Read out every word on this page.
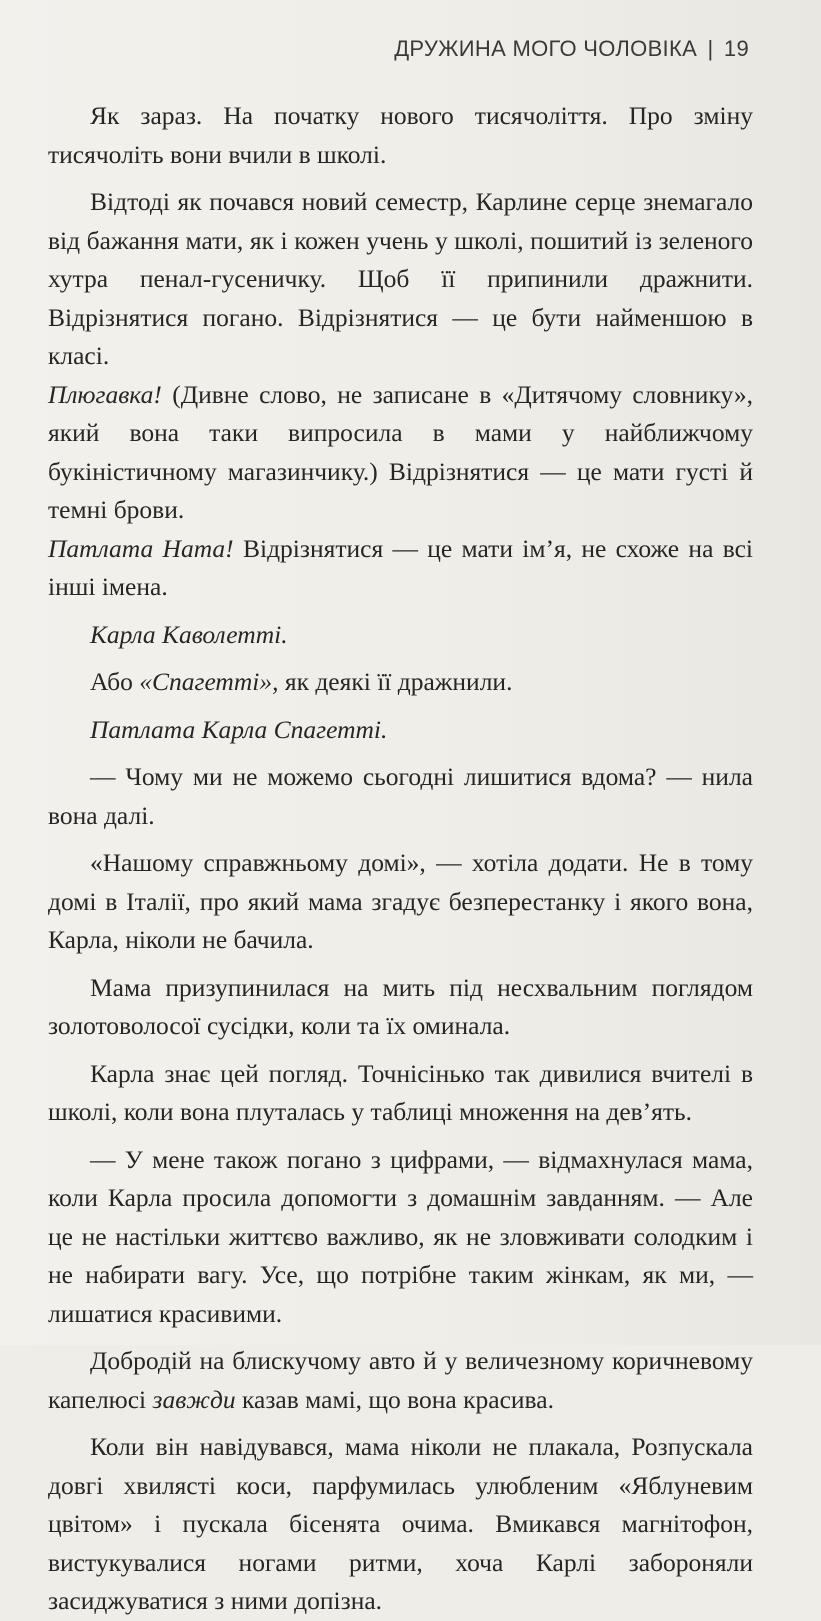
ДРУЖИНА МОГО ЧОЛОВІКА | 19

Як зараз. На початку нового тисячоліття. Про зміну тисячоліть вони вчили в школі.

Відтоді як почався новий семестр, Карлине серце знемагало від бажання мати, як і кожен учень у школі, пошитий із зеленого хутра пенал-гусеничку. Щоб її припинили дражнити. Відрізнятися погано. Відрізнятися — це бути найменшою в класі.
Плюгавка! (Дивне слово, не записане в «Дитячому словнику», який вона таки випросила в мами у найближчому букіністичному магазинчику.) Відрізнятися — це мати густі й темні брови.
Патлата Ната! Відрізнятися — це мати ім’я, не схоже на всі інші імена.

Карла Каволетті.

Або «Спагетті», як деякі її дражнили.

Патлата Карла Спагетті.

— Чому ми не можемо сьогодні лишитися вдома? — нила вона далі.

«Нашому справжньому домі», — хотіла додати. Не в тому домі в Італії, про який мама згадує безперестанку і якого вона, Карла, ніколи не бачила.

Мама призупинилася на мить під несхвальним поглядом золотоволосої сусідки, коли та їх оминала.

Карла знає цей погляд. Точнісінько так дивилися вчителі в школі, коли вона плуталась у таблиці множення на дев’ять.

— У мене також погано з цифрами, — відмахнулася мама, коли Карла просила допомогти з домашнім завданням. — Але це не настільки життєво важливо, як не зловживати солодким і не набирати вагу. Усе, що потрібне таким жінкам, як ми, — лишатися красивими.

Добродій на блискучому авто й у величезному коричневому капелюсі завжди казав мамі, що вона красива.

Коли він навідувався, мама ніколи не плакала, Розпускала довгі хвилясті коси, парфумилась улюбленим «Яблуневим цвітом» і пускала бісенята очима. Вмикався магнітофон, вистукувалися ногами ритми, хоча Карлі забороняли засиджуватися з ними допізна.
